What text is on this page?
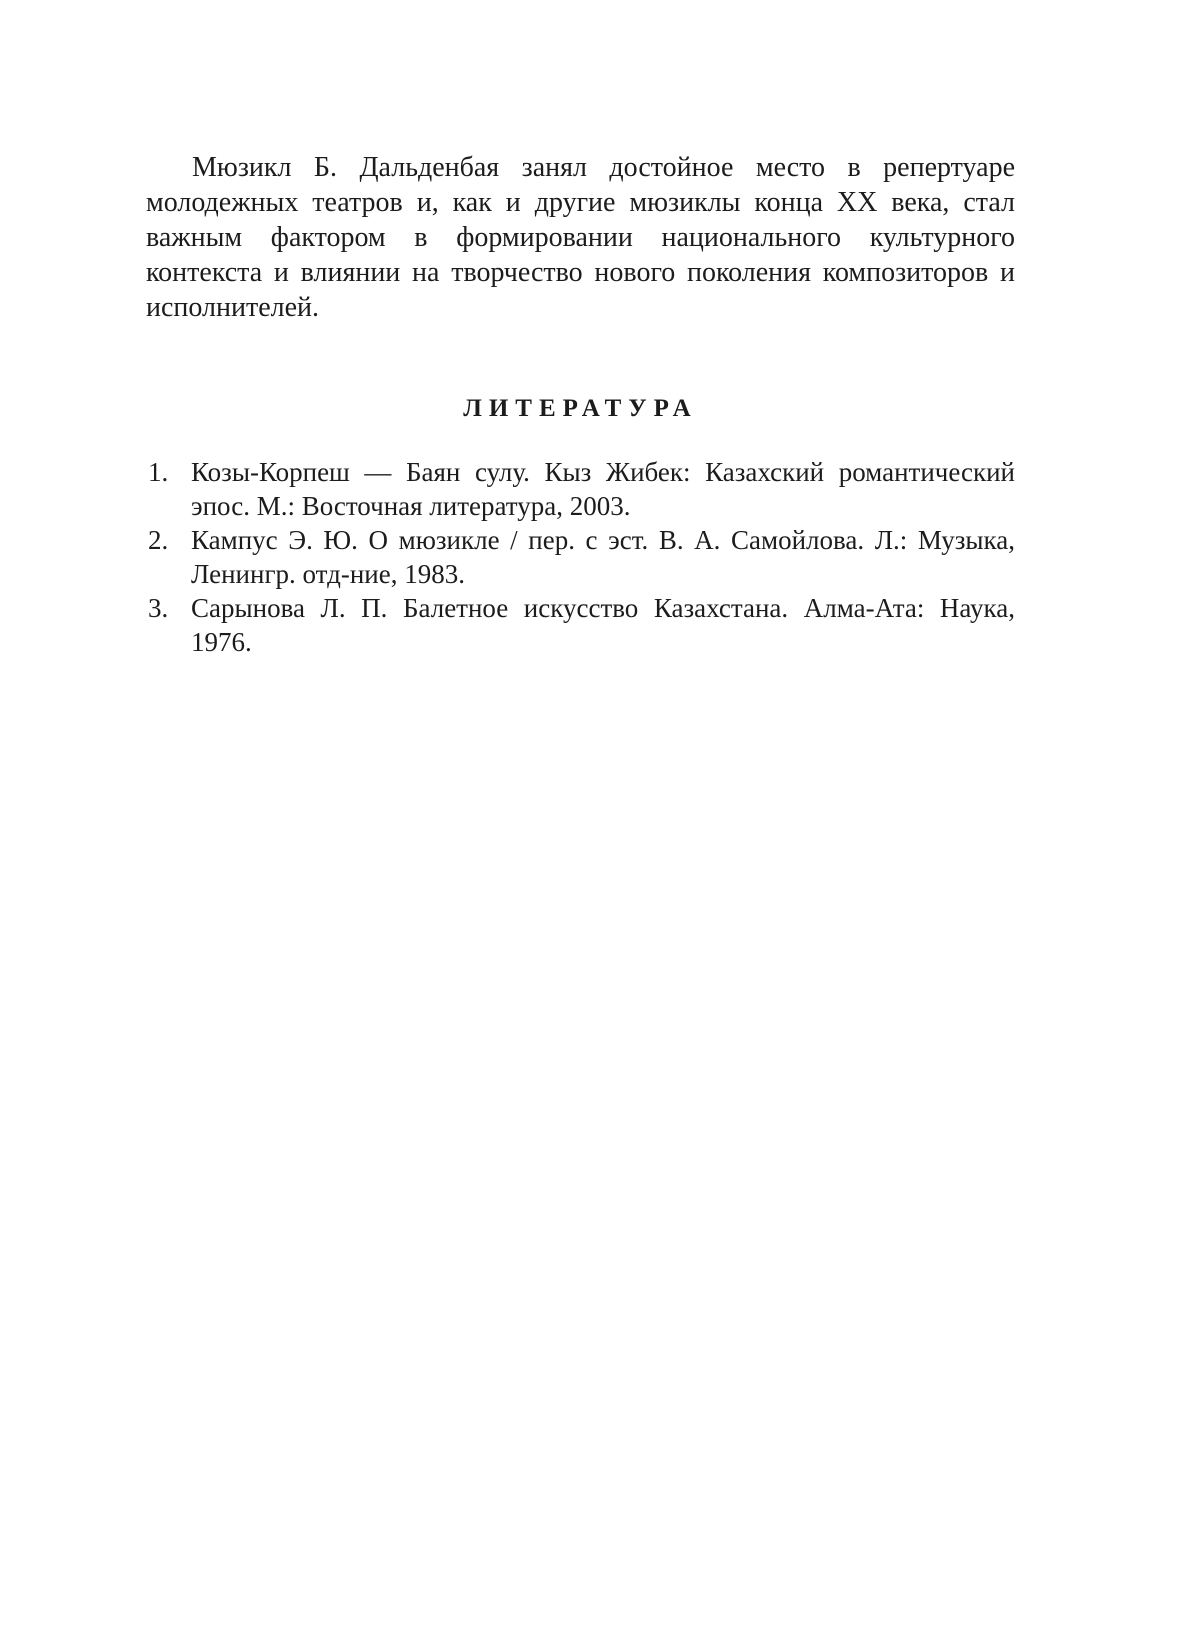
Мюзикл Б. Дальденбая занял достойное место в репертуаре молодежных театров и, как и другие мюзиклы конца XX века, стал важным фактором в формировании национального культурного контекста и влиянии на творчество нового поколения композиторов и исполнителей.

ЛИТЕРАТУРА
1. Козы-Корпеш — Баян сулу. Кыз Жибек: Казахский романтический эпос. М.: Восточная литература, 2003.
2. Кампус Э. Ю. О мюзикле / пер. с эст. В. А. Самойлова. Л.: Музыка, Ленингр. отд-ние, 1983.
3. Сарынова Л. П. Балетное искусство Казахстана. Алма-Ата: Наука, 1976.
